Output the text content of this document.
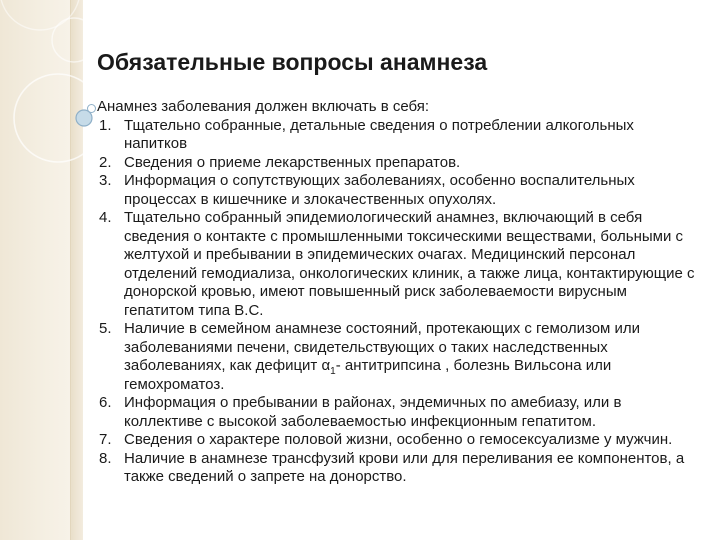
Обязательные вопросы анамнеза
Анамнез заболевания должен включать в себя:
1. Тщательно собранные, детальные сведения о потреблении алкогольных напитков
2. Сведения о приеме лекарственных препаратов.
3. Информация о сопутствующих заболеваниях, особенно воспалительных процессах в кишечнике и злокачественных опухолях.
4. Тщательно собранный эпидемиологический анамнез, включающий в себя сведения о контакте с промышленными токсическими веществами, больными с желтухой и пребывании в эпидемических очагах. Медицинский персонал отделений гемодиализа, онкологических клиник, а также лица, контактирующие с донорской кровью, имеют повышенный риск заболеваемости вирусным гепатитом типа В.С.
5. Наличие в семейном анамнезе состояний, протекающих с гемолизом или заболеваниями печени, свидетельствующих о таких наследственных заболеваниях, как дефицит $\alpha_1-$ антитрипсина , болезнь Вильсона или гемохроматоз.
6. Информация о пребывании в районах, эндемичных по амебиазу, или в коллективе с высокой заболеваемостью инфекционным гепатитом.
7. Сведения о характере половой жизни, особенно о гемосексуализме у мужчин.
8. Наличие в анамнезе трансфузий крови или для переливания ее компонентов, а также сведений о запрете на донорство.
